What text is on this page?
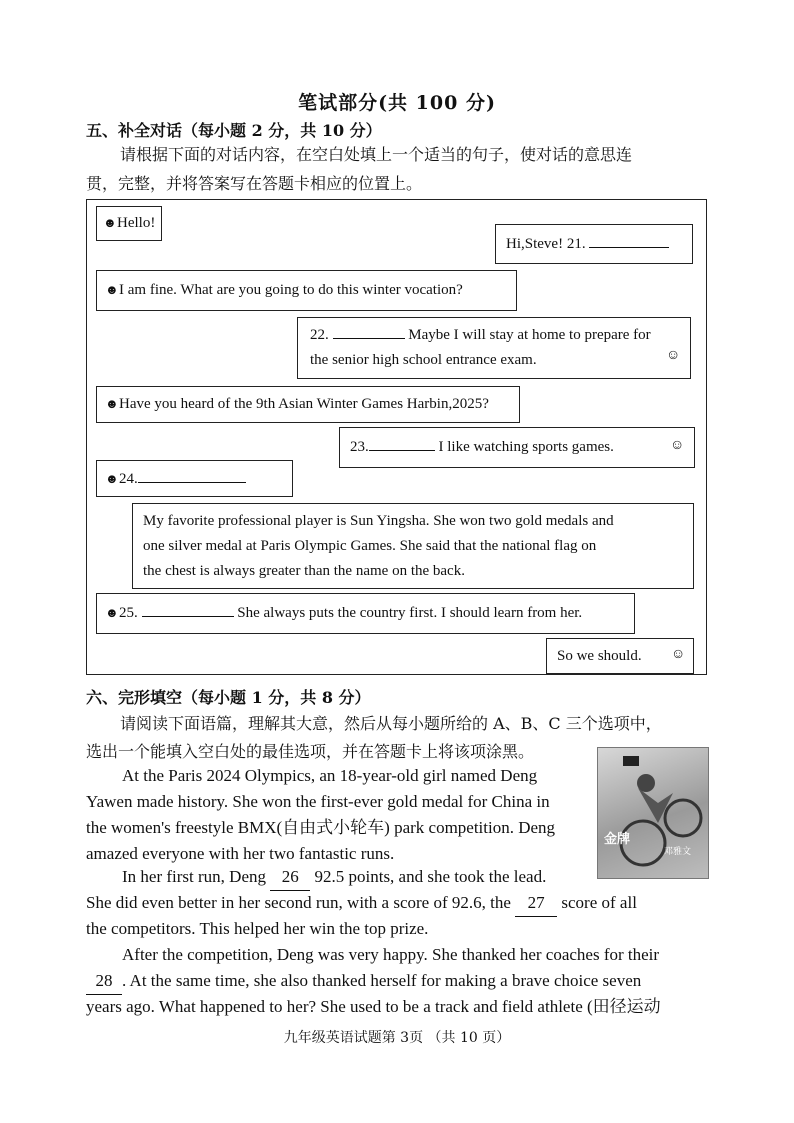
笔试部分(共 100 分)
五、补全对话（每小题 2 分，共 10 分）
请根据下面的对话内容，在空白处填上一个适当的句子，使对话的意思连
贯，完整，并将答案写在答题卡相应的位置上。
☻Hello!
Hi,Steve! 21.
☻I am fine. What are you going to do this winter vocation?
22.	Maybe I will stay at home to prepare for
the senior high school entrance exam.	☺
☻Have you heard of the 9th Asian Winter Games Harbin,2025?
23.	I like watching sports games.	☺
☻24.
My favorite professional player is Sun Yingsha. She won two gold medals and
one silver medal at Paris Olympic Games. She said that the national flag on
the chest is always greater than the name on the back.
☻25.	She always puts the country first. I should learn from her.
So we should. ☺
六、完形填空（每小题 1 分，共 8 分）
请阅读下面语篇，理解其大意，然后从每小题所给的 A、B、C 三个选项中，
选出一个能填入空白处的最佳选项，并在答题卡上将该项涂黑。
金牌
邓雅文
At the Paris 2024 Olympics, an 18-year-old girl named Deng
Yawen made history. She won the first-ever gold medal for China in
the women's freestyle BMX(自由式小轮车) park competition. Deng
amazed everyone with her two fantastic runs.
In her first run, Deng 26 92.5 points, and she took the lead.
She did even better in her second run, with a score of 92.6, the 27 score of all
the competitors. This helped her win the top prize.
After the competition, Deng was very happy. She thanked her coaches for their
28 . At the same time, she also thanked herself for making a brave choice seven
years ago. What happened to her? She used to be a track and field athlete (田径运动
九年级英语试题第 3页 （共 10 页）
